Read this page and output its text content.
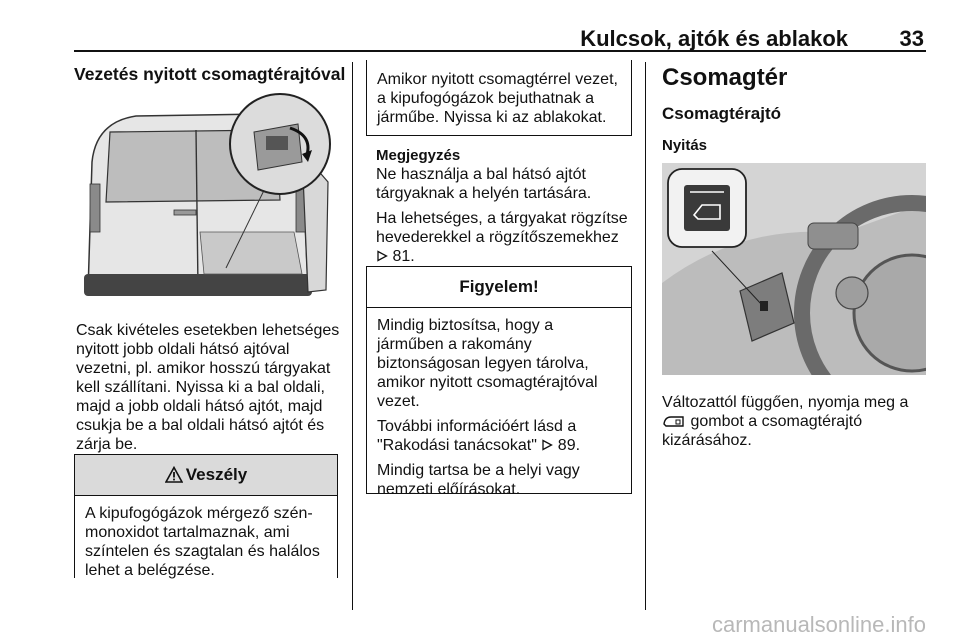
Kulcsok, ajtók és ablakok 33
Vezetés nyitott csomagtérajtóval

Csak kivételes esetekben lehetséges nyitott jobb oldali hátsó ajtóval vezetni, pl. amikor hosszú tárgyakat kell szállítani. Nyissa ki a bal oldali, majd a jobb oldali hátsó ajtót, majd csukja be a bal oldali hátsó ajtót és zárja be.

Veszély

A kipufogógázok mérgező szén-monoxidot tartalmaznak, ami színtelen és szagtalan és halálos lehet a belégzése.

Amikor nyitott csomagtérrel vezet, a kipufogógázok bejuthatnak a járműbe. Nyissa ki az ablakokat.

Megjegyzés

Ne használja a bal hátsó ajtót tárgyaknak a helyén tartására.

Ha lehetséges, a tárgyakat rögzítse hevederekkel a rögzítőszemekhez
81.

Figyelem!

Mindig biztosítsa, hogy a járműben a rakomány biztonságosan legyen tárolva, amikor nyitott csomagtérajtóval vezet.

További információért lásd a "Rakodási tanácsokat" 89.

Mindig tartsa be a helyi vagy nemzeti előírásokat.

Csomagtér
Csomagtérajtó
Nyitás

Változattól függően, nyomja meg a
gombot a csomagtérajtó kizárásához.

carmanualsonline.info
